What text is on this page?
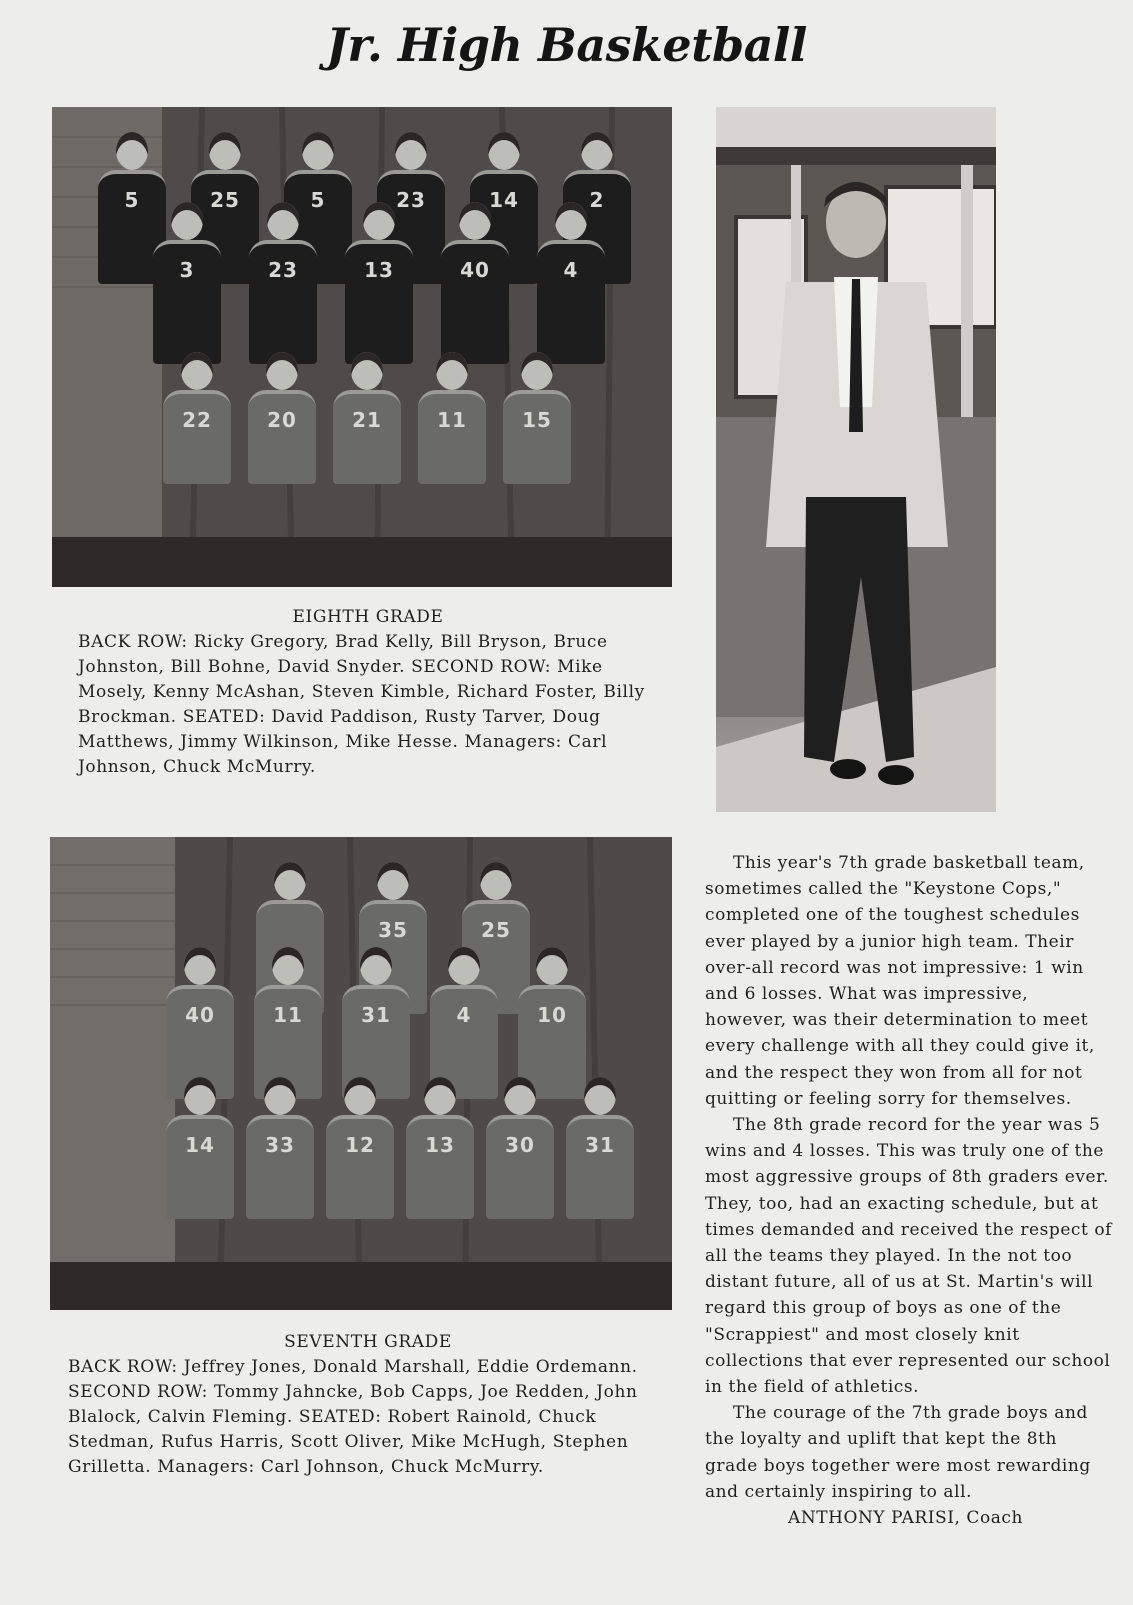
Jr. High Basketball
5	25	5	23	14	2
3	23	13	40	4
22	20	21	11	15
EIGHTH GRADE
BACK ROW: Ricky Gregory, Brad Kelly, Bill Bryson, Bruce Johnston, Bill Bohne, David Snyder. SECOND ROW: Mike Mosely, Kenny McAshan, Steven Kimble, Richard Foster, Billy Brockman. SEATED: David Paddison, Rusty Tarver, Doug Matthews, Jimmy Wilkinson, Mike Hesse. Managers: Carl Johnson, Chuck McMurry.
35	25
40	11	31	4	10
14	33	12	13	30	31
SEVENTH GRADE
BACK ROW: Jeffrey Jones, Donald Marshall, Eddie Ordemann. SECOND ROW: Tommy Jahncke, Bob Capps, Joe Redden, John Blalock, Calvin Fleming. SEATED: Robert Rainold, Chuck Stedman, Rufus Harris, Scott Oliver, Mike McHugh, Stephen Grilletta. Managers: Carl Johnson, Chuck McMurry.

This year's 7th grade basketball team, sometimes called the "Keystone Cops," completed one of the toughest schedules ever played by a junior high team. Their over-all record was not impressive: 1 win and 6 losses. What was impressive, however, was their determination to meet every challenge with all they could give it, and the respect they won from all for not quitting or feeling sorry for themselves.

The 8th grade record for the year was 5 wins and 4 losses. This was truly one of the most aggressive groups of 8th graders ever. They, too, had an exacting schedule, but at times demanded and received the respect of all the teams they played. In the not too distant future, all of us at St. Martin's will regard this group of boys as one of the "Scrappiest" and most closely knit collections that ever represented our school in the field of athletics.

The courage of the 7th grade boys and the loyalty and uplift that kept the 8th grade boys together were most rewarding and certainly inspiring to all.

ANTHONY PARISI, Coach
